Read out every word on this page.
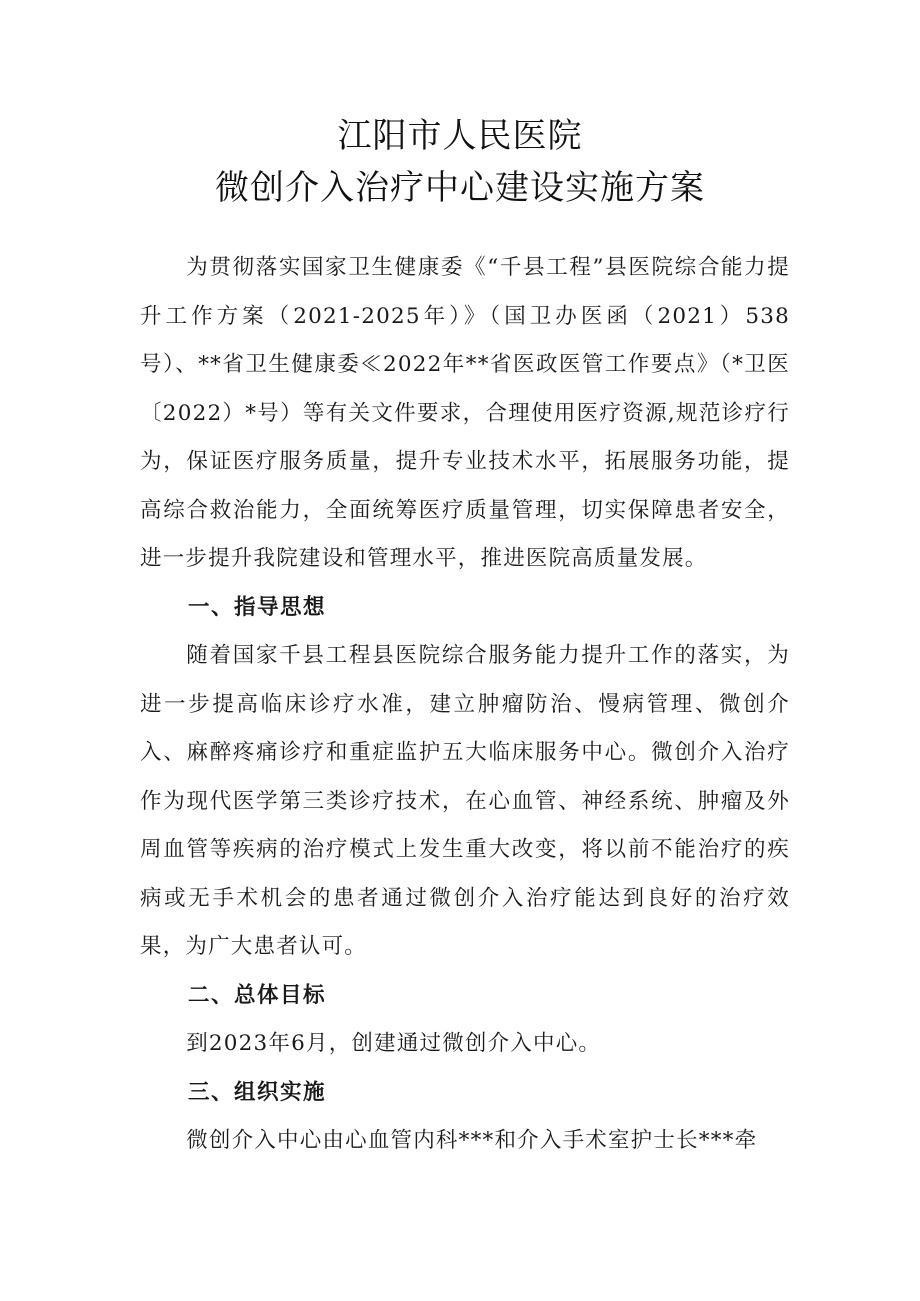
江阳市人民医院
微创介入治疗中心建设实施方案

为贯彻落实国家卫生健康委《“千县工程”县医院综合能力提升工作方案（2021-2025年）》（国卫办医函（2021）538号）、**省卫生健康委≪2022年**省医政医管工作要点》（*卫医〔2022）*号）等有关文件要求，合理使用医疗资源,规范诊疗行为，保证医疗服务质量，提升专业技术水平，拓展服务功能，提高综合救治能力，全面统筹医疗质量管理，切实保障患者安全，进一步提升我院建设和管理水平，推进医院高质量发展。

一、指导思想

随着国家千县工程县医院综合服务能力提升工作的落实，为进一步提高临床诊疗水准，建立肿瘤防治、慢病管理、微创介入、麻醉疼痛诊疗和重症监护五大临床服务中心。微创介入治疗作为现代医学第三类诊疗技术，在心血管、神经系统、肿瘤及外周血管等疾病的治疗模式上发生重大改变，将以前不能治疗的疾病或无手术机会的患者通过微创介入治疗能达到良好的治疗效果，为广大患者认可。

二、总体目标

到2023年6月，创建通过微创介入中心。

三、组织实施

微创介入中心由心血管内科***和介入手术室护士长***牵
